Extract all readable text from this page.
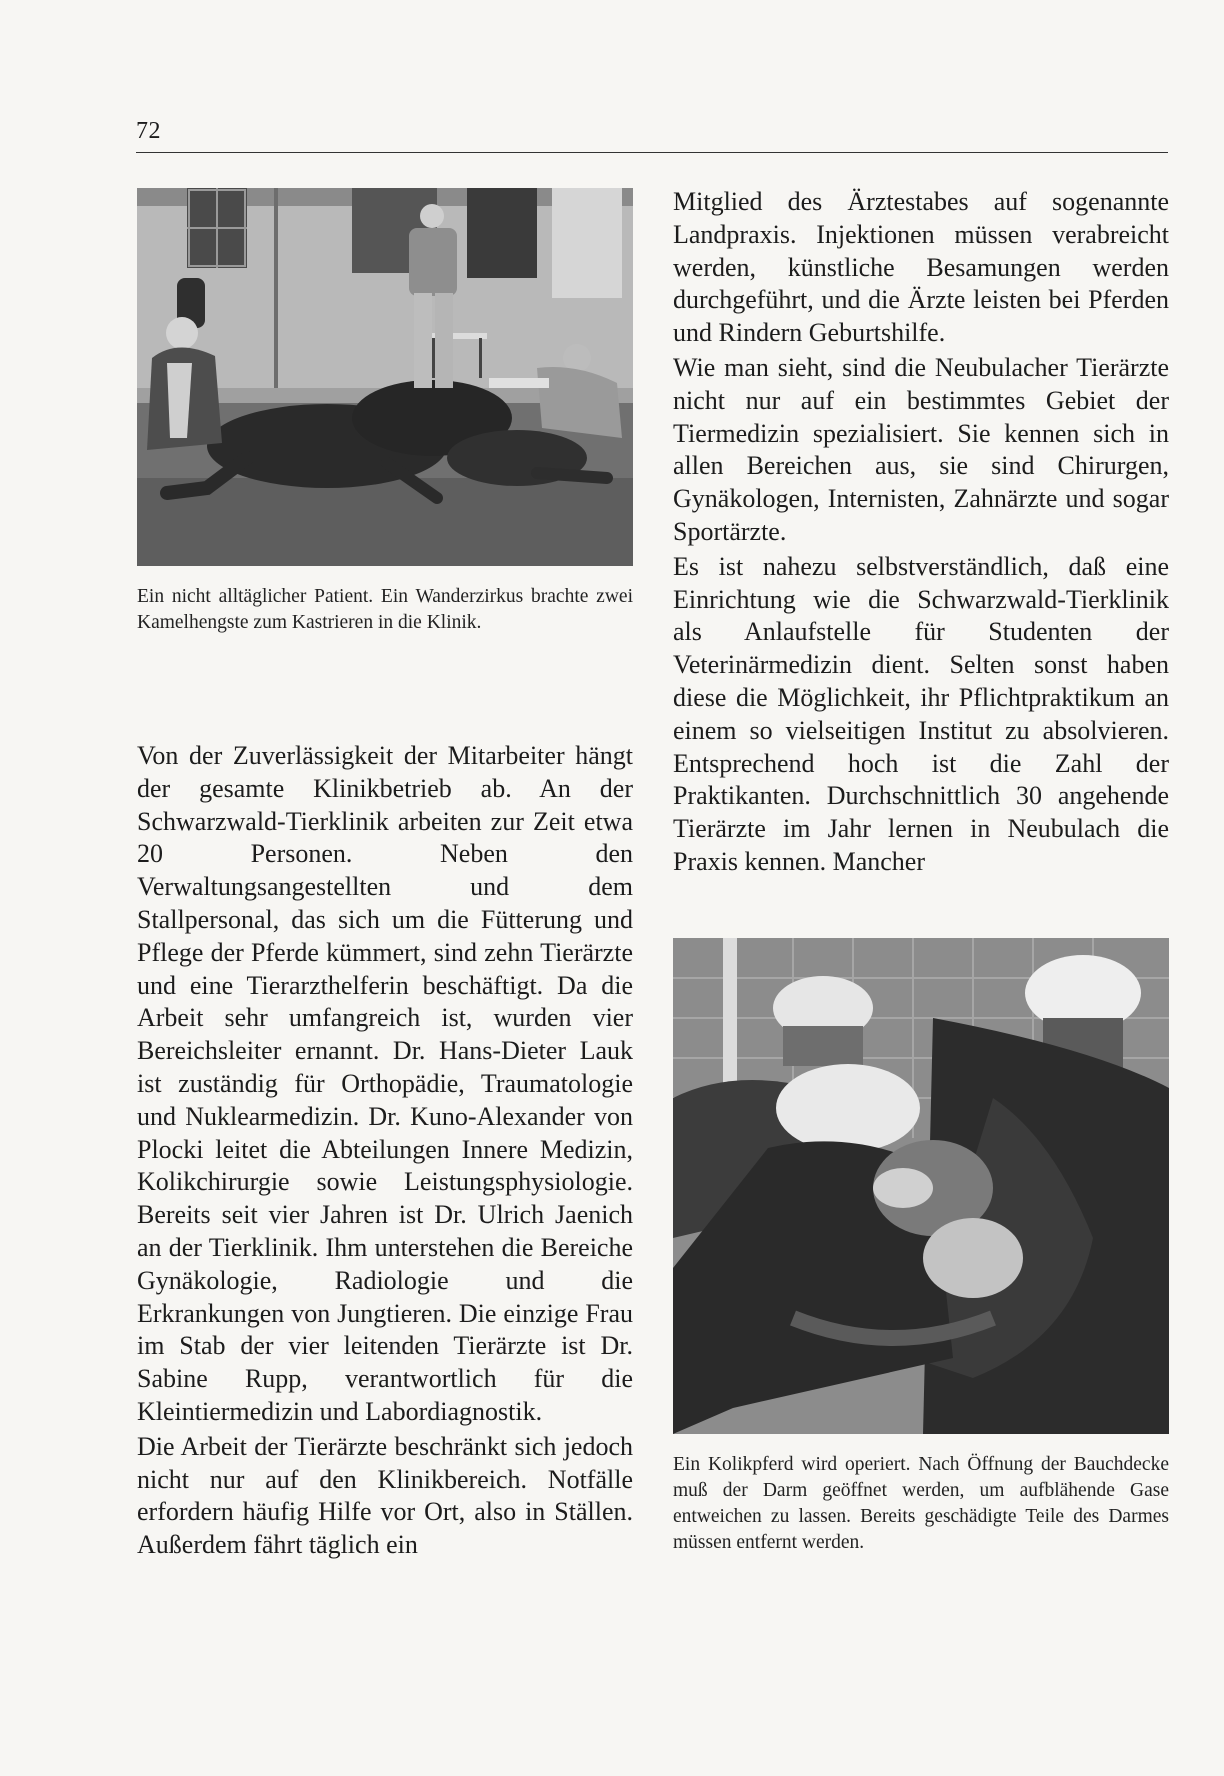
72
Ein nicht alltäglicher Patient. Ein Wanderzirkus brachte zwei Kamelhengste zum Kastrieren in die Klinik.

Von der Zuverlässigkeit der Mitarbeiter hängt der gesamte Klinikbetrieb ab. An der Schwarzwald-Tierklinik arbeiten zur Zeit etwa 20 Personen. Neben den Verwaltungsangestellten und dem Stallpersonal, das sich um die Fütterung und Pflege der Pferde kümmert, sind zehn Tierärzte und eine Tierarzthelferin beschäftigt. Da die Arbeit sehr umfangreich ist, wurden vier Bereichsleiter ernannt. Dr. Hans-Dieter Lauk ist zuständig für Orthopädie, Traumatologie und Nuklearmedizin. Dr. Kuno-Alexander von Plocki leitet die Abteilungen Innere Medizin, Kolikchirurgie sowie Leistungsphysiologie. Bereits seit vier Jahren ist Dr. Ulrich Jaenich an der Tierklinik. Ihm unterstehen die Bereiche Gynäkologie, Radiologie und die Erkrankungen von Jungtieren. Die einzige Frau im Stab der vier leitenden Tierärzte ist Dr. Sabine Rupp, verantwortlich für die Kleintiermedizin und Labordiagnostik.

Die Arbeit der Tierärzte beschränkt sich jedoch nicht nur auf den Klinikbereich. Notfälle erfordern häufig Hilfe vor Ort, also in Ställen. Außerdem fährt täglich ein

Mitglied des Ärztestabes auf sogenannte Landpraxis. Injektionen müssen verabreicht werden, künstliche Besamungen werden durchgeführt, und die Ärzte leisten bei Pferden und Rindern Geburtshilfe.

Wie man sieht, sind die Neubulacher Tierärzte nicht nur auf ein bestimmtes Gebiet der Tiermedizin spezialisiert. Sie kennen sich in allen Bereichen aus, sie sind Chirurgen, Gynäkologen, Internisten, Zahnärzte und sogar Sportärzte.

Es ist nahezu selbstverständlich, daß eine Einrichtung wie die Schwarzwald-Tierklinik als Anlaufstelle für Studenten der Veterinärmedizin dient. Selten sonst haben diese die Möglichkeit, ihr Pflichtpraktikum an einem so vielseitigen Institut zu absolvieren. Entsprechend hoch ist die Zahl der Praktikanten. Durchschnittlich 30 angehende Tierärzte im Jahr lernen in Neubulach die Praxis kennen. Mancher

Ein Kolikpferd wird operiert. Nach Öffnung der Bauchdecke muß der Darm geöffnet werden, um aufblähende Gase entweichen zu lassen. Bereits geschädigte Teile des Darmes müssen entfernt werden.
